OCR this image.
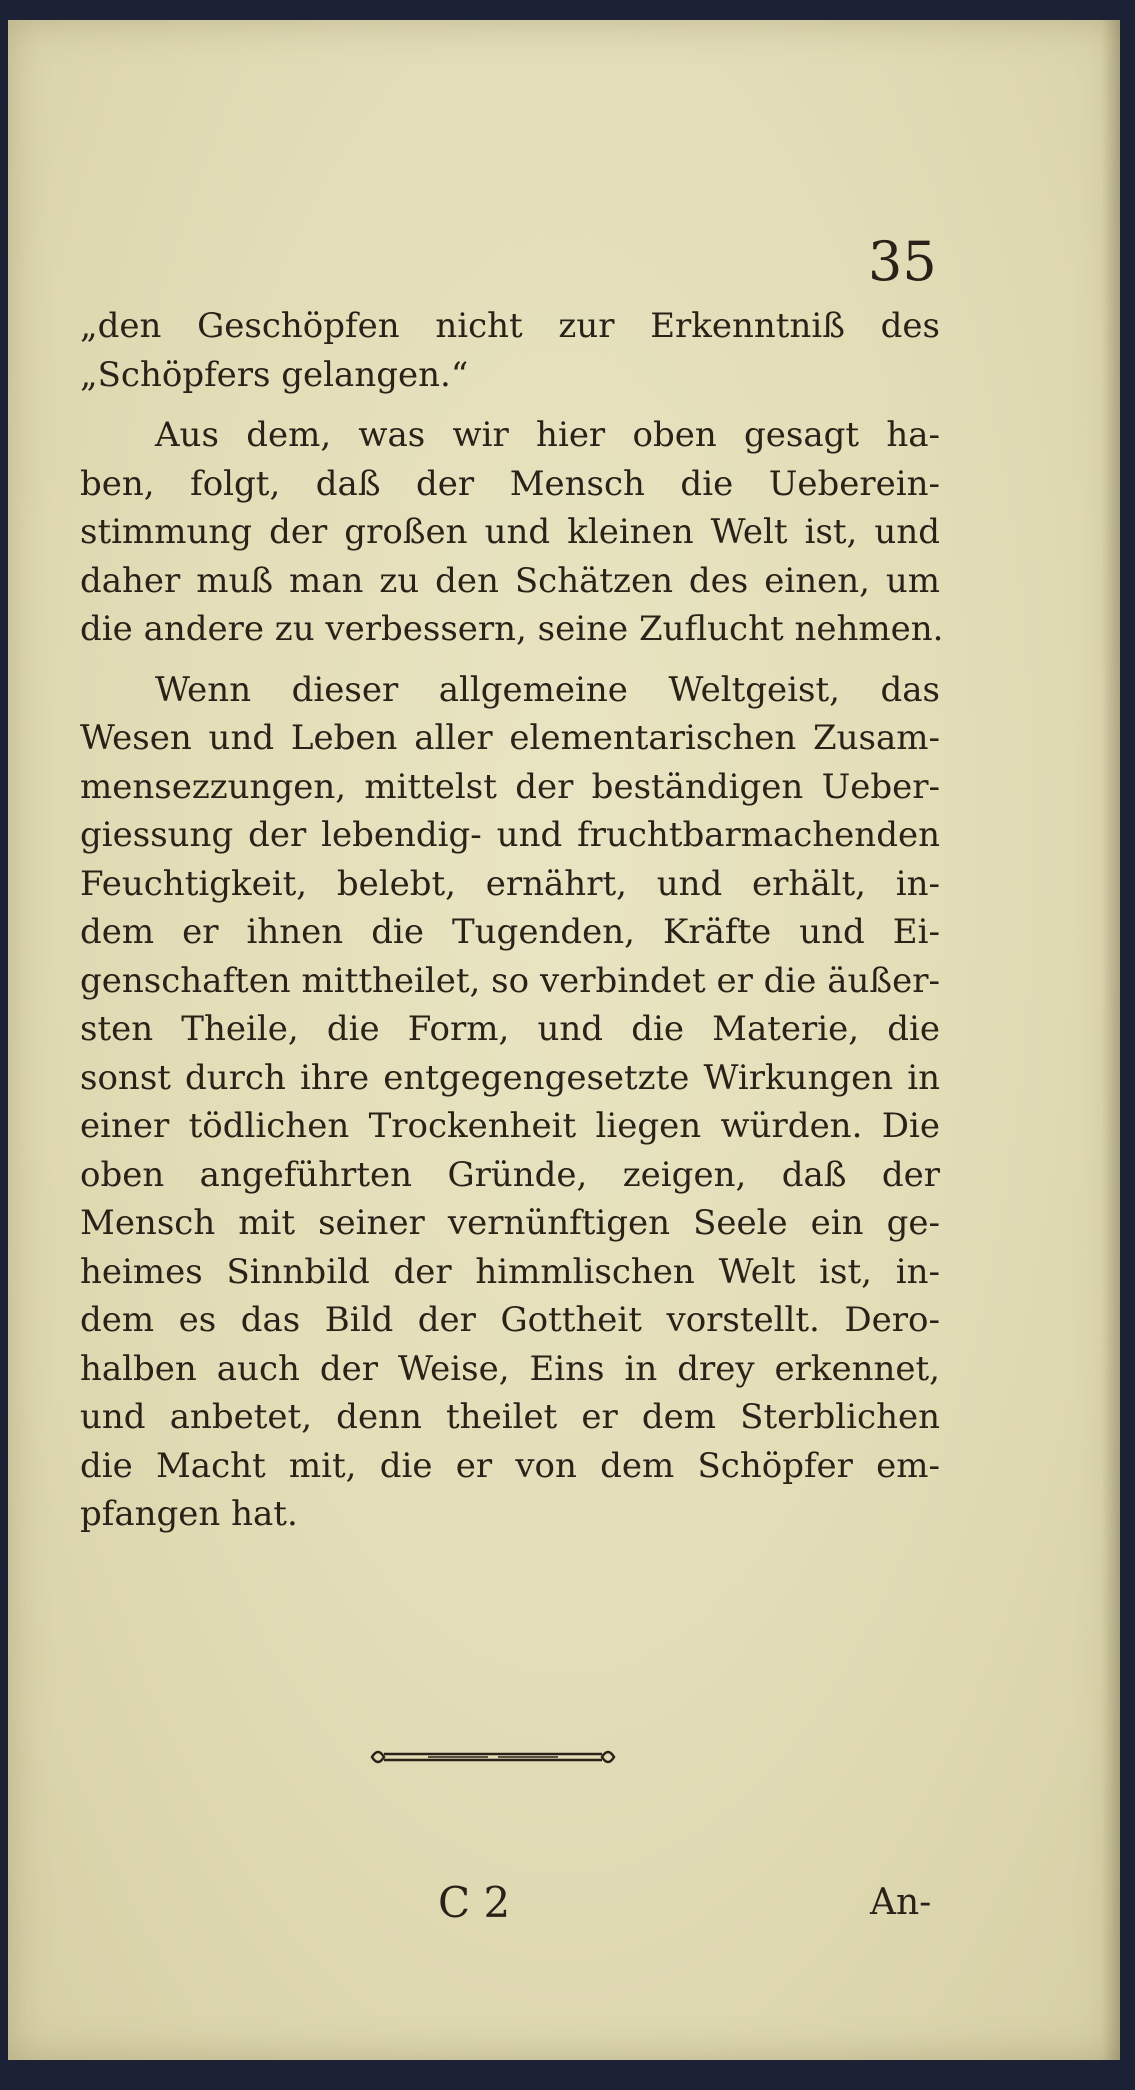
35
„den Geschöpfen nicht zur Erkenntniß des
„Schöpfers gelangen.“
Aus dem, was wir hier oben gesagt ha-
ben, folgt, daß der Mensch die Ueberein-
stimmung der großen und kleinen Welt ist, und
daher muß man zu den Schätzen des einen, um
die andere zu verbessern, seine Zuflucht nehmen.
Wenn dieser allgemeine Weltgeist, das
Wesen und Leben aller elementarischen Zusam-
mensezzungen, mittelst der beständigen Ueber-
giessung der lebendig- und fruchtbarmachenden
Feuchtigkeit, belebt, ernährt, und erhält, in-
dem er ihnen die Tugenden, Kräfte und Ei-
genschaften mittheilet, so verbindet er die äußer-
sten Theile, die Form, und die Materie, die
sonst durch ihre entgegengesetzte Wirkungen in
einer tödlichen Trockenheit liegen würden. Die
oben angeführten Gründe, zeigen, daß der
Mensch mit seiner vernünftigen Seele ein ge-
heimes Sinnbild der himmlischen Welt ist, in-
dem es das Bild der Gottheit vorstellt. Dero-
halben auch der Weise, Eins in drey erkennet,
und anbetet, denn theilet er dem Sterblichen
die Macht mit, die er von dem Schöpfer em-
pfangen hat.
C 2	An-
